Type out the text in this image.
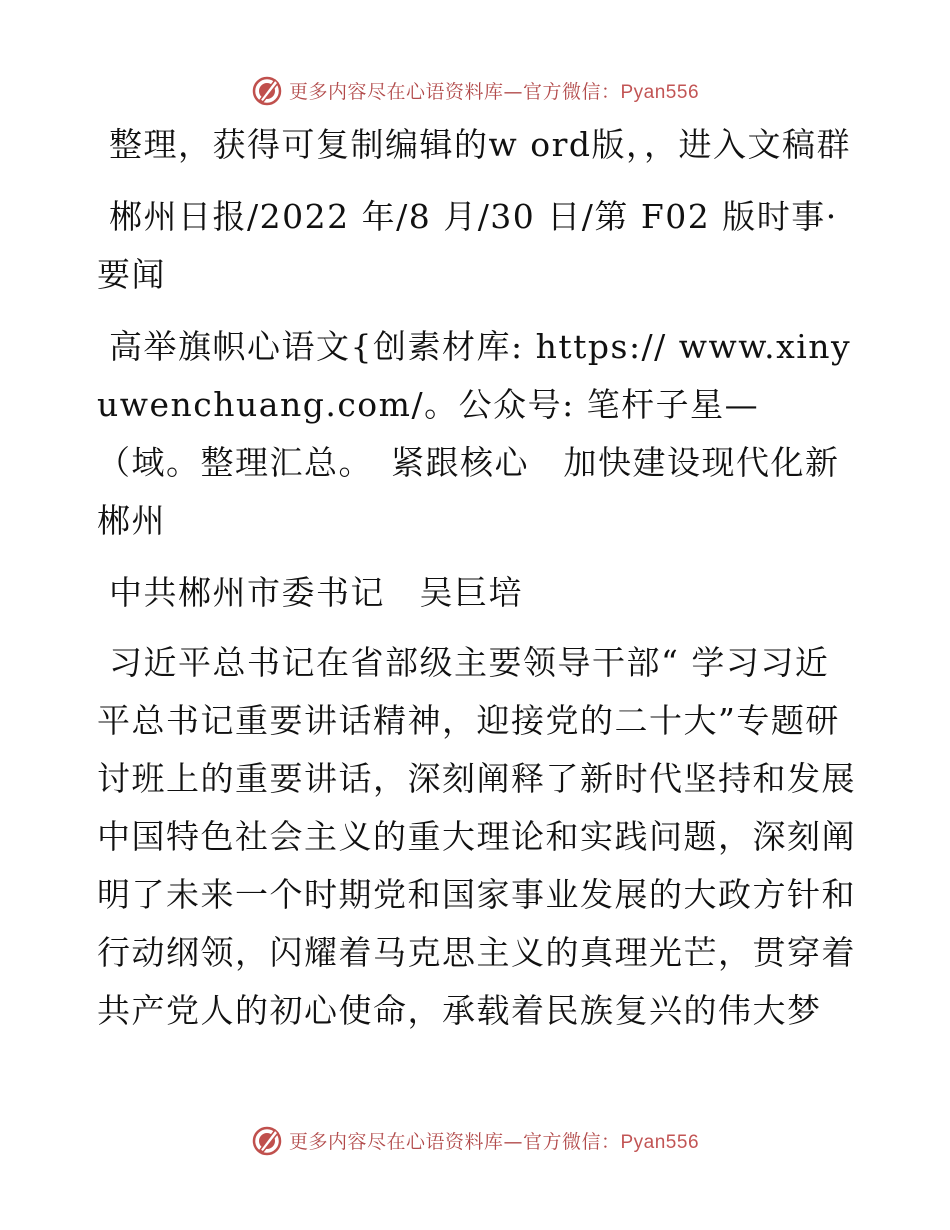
更多内容尽在心语资料库—官方微信：Pyan556

整理，获得可复制编辑的w ord版，，进入文稿群

郴州日报/2022 年/8 月/30 日/第 F02 版时事·要闻

高举旗帜心语文{创素材库: https:// www.xinyuwenchuang.com/。公众号: 笔杆子星—（域。整理汇总。　紧跟核心　加快建设现代化新郴州

中共郴州市委书记　吴巨培

习近平总书记在省部级主要领导干部“ 学习习近平总书记重要讲话精神，迎接党的二十大”专题研讨班上的重要讲话，深刻阐释了新时代坚持和发展中国特色社会主义的重大理论和实践问题，深刻阐明了未来一个时期党和国家事业发展的大政方针和行动纲领，闪耀着马克思主义的真理光芒，贯穿着共产党人的初心使命，承载着民族复兴的伟大梦

更多内容尽在心语资料库—官方微信：Pyan556
